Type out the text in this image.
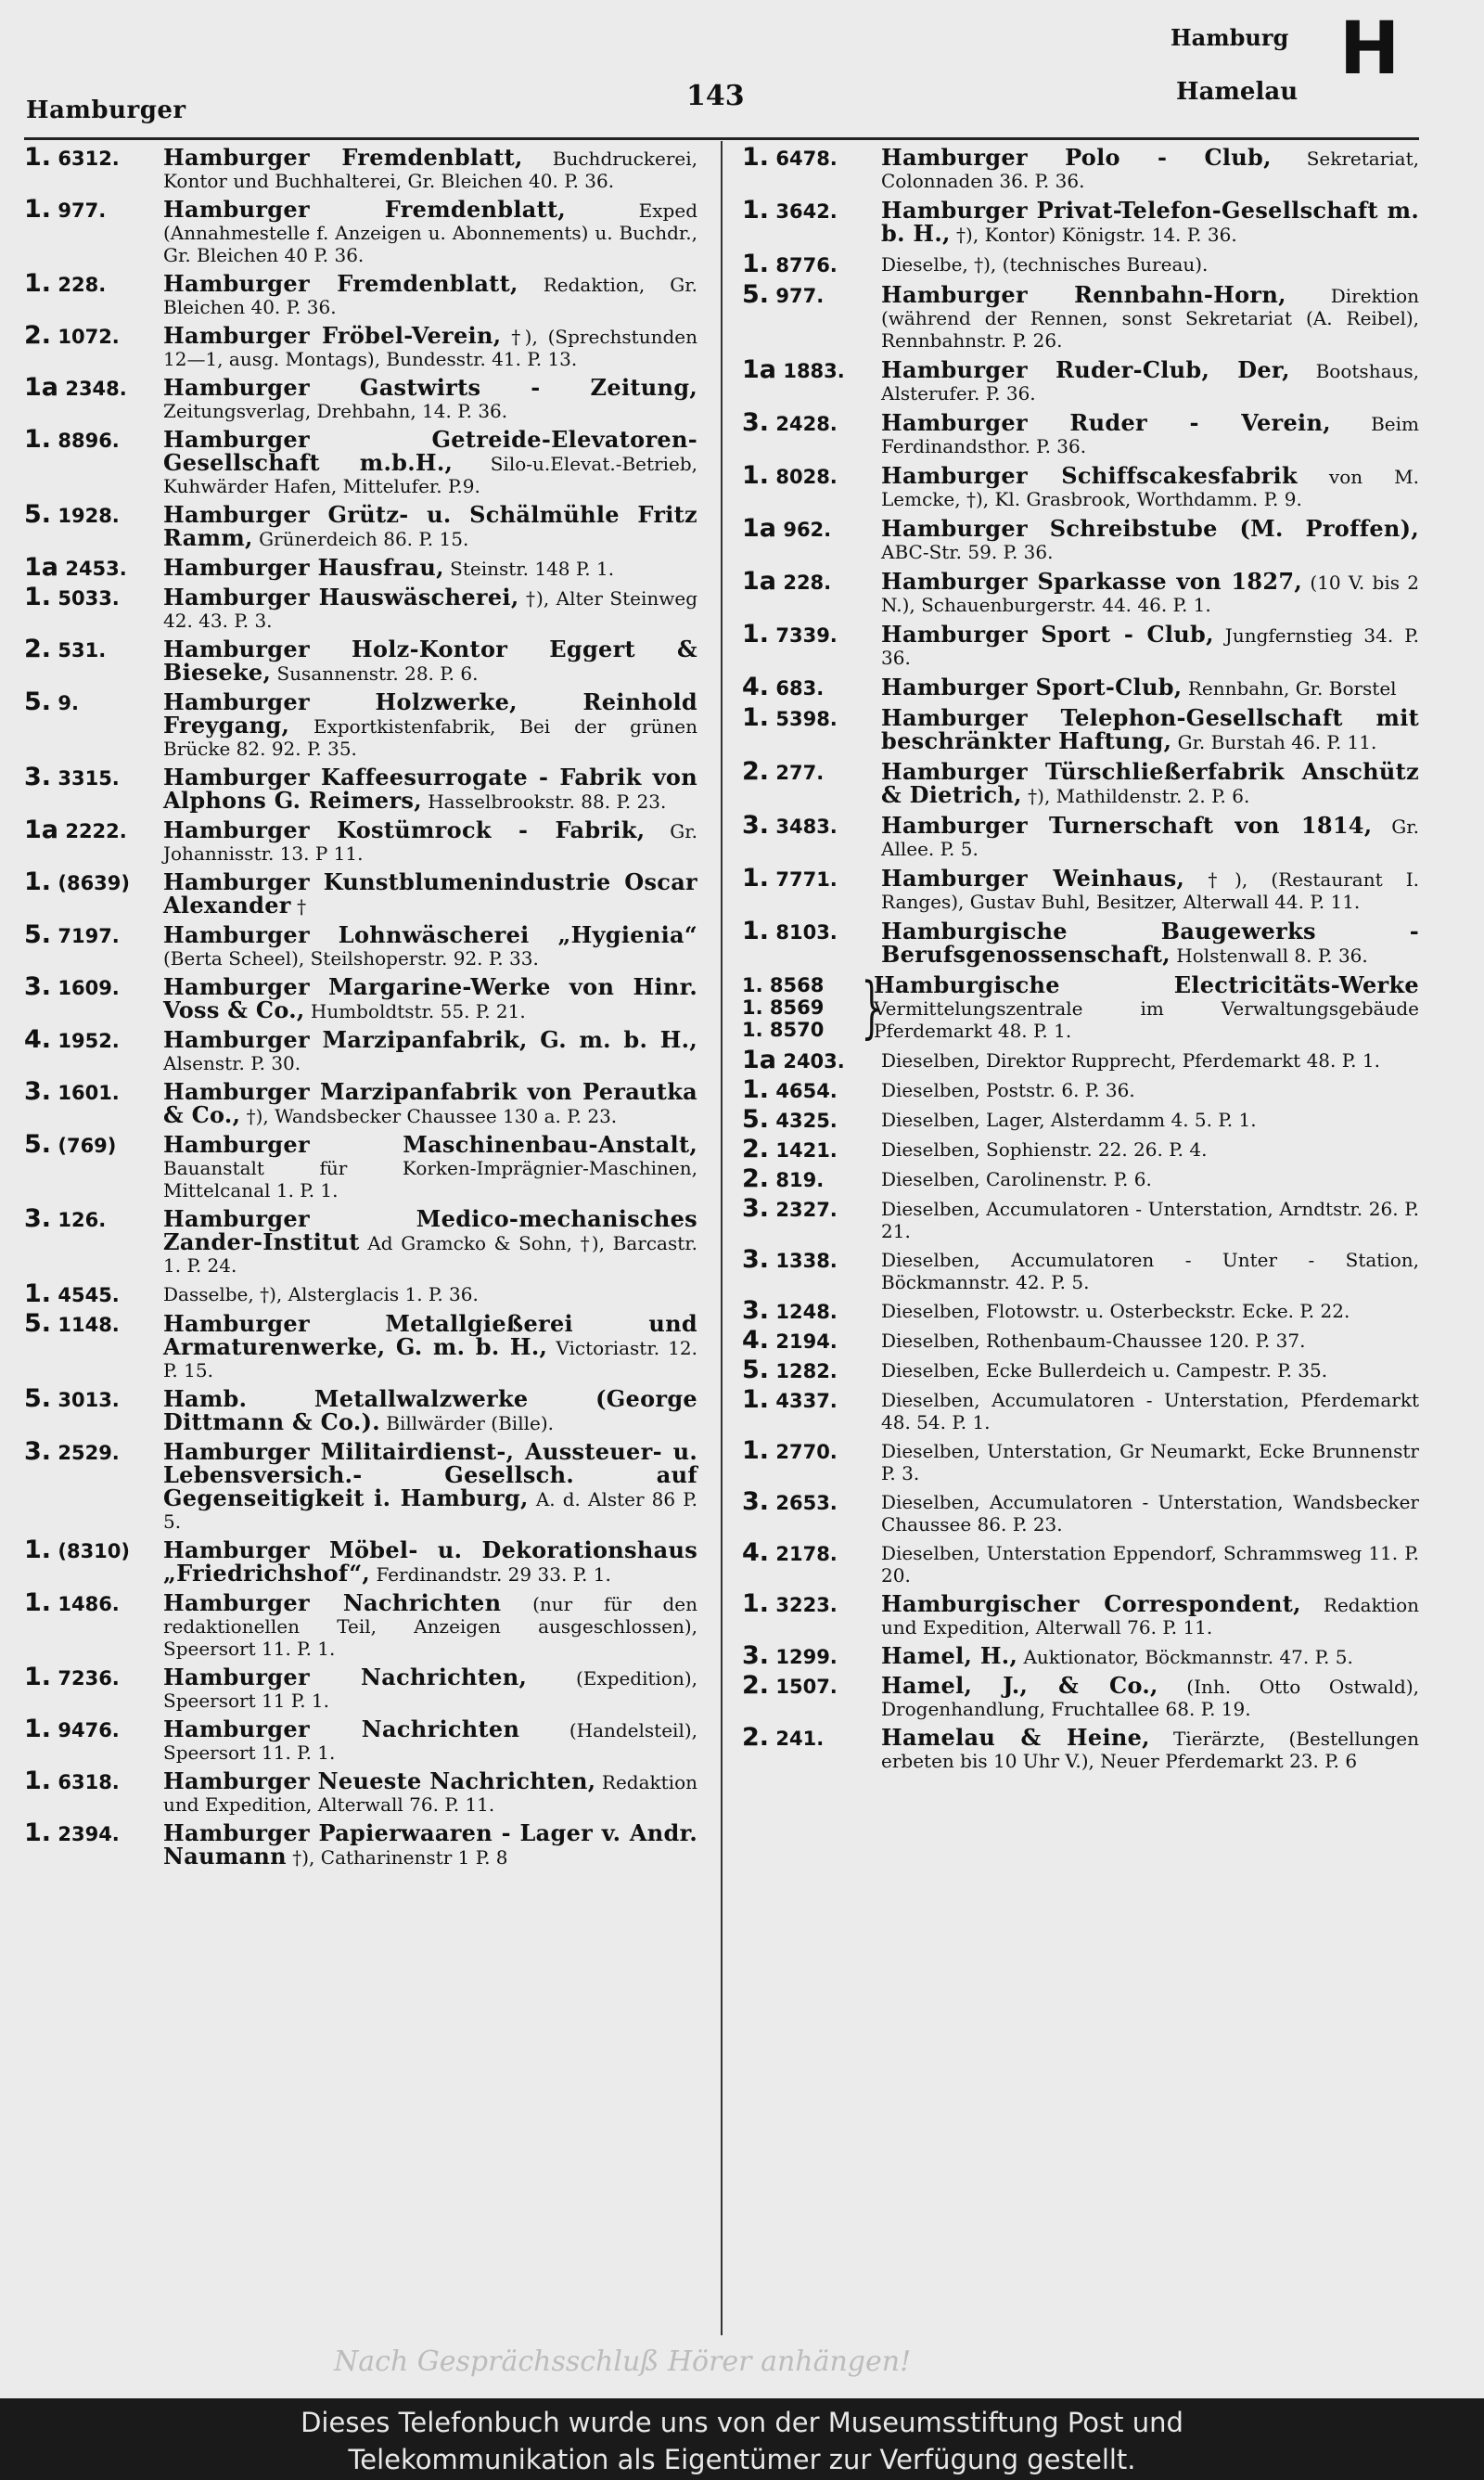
Hamburger	143
Hamburg
Hamelau
H
1. 6312.	Hamburger Fremdenblatt, Buchdruckerei, Kontor und Buchhalterei, Gr. Bleichen 40. P. 36.
1. 977.	Hamburger Fremdenblatt,	Exped (Annahmestelle f. Anzeigen u. Abonnements) u. Buchdr., Gr. Bleichen 40 P. 36.
1. 228.	Hamburger Fremdenblatt, Redaktion, Gr. Bleichen 40. P. 36.
2. 1072.	Hamburger Fröbel-Verein, †), (Sprechstunden 12—1, ausg. Montags), Bundesstr. 41. P. 13.
1a 2348.	Hamburger Gastwirts - Zeitung, Zeitungsverlag, Drehbahn, 14. P. 36.
1. 8896.	Hamburger Getreide-Elevatoren-Gesellschaft m.b.H., Silo-u.Elevat.-Betrieb, Kuhwärder Hafen, Mittelufer. P.9.
5. 1928.	Hamburger Grütz- u. Schälmühle Fritz Ramm, Grünerdeich 86. P. 15.
1a 2453.	Hamburger Hausfrau, Steinstr. 148 P. 1.
1. 5033.	Hamburger Hauswäscherei, †), Alter Steinweg 42. 43. P. 3.
2. 531.	Hamburger Holz-Kontor Eggert & Bieseke, Susannenstr. 28. P. 6.
5. 9.	Hamburger Holzwerke, Reinhold Freygang, Exportkistenfabrik, Bei der grünen Brücke 82. 92. P. 35.
3. 3315.	Hamburger Kaffeesurrogate - Fabrik von Alphons G. Reimers, Hasselbrookstr. 88. P. 23.
1a 2222.	Hamburger Kostümrock - Fabrik, Gr. Johannisstr. 13. P 11.
1. (8639)	Hamburger Kunstblumenindustrie Oscar Alexander †
5. 7197.	Hamburger Lohnwäscherei „Hygienia“ (Berta Scheel), Steilshoperstr. 92. P. 33.
3. 1609.	Hamburger Margarine-Werke von Hinr. Voss & Co., Humboldtstr. 55. P. 21.
4. 1952.	Hamburger Marzipanfabrik, G. m. b. H., Alsenstr. P. 30.
3. 1601.	Hamburger Marzipanfabrik von Perautka & Co., †), Wandsbecker Chaussee 130 a. P. 23.
5. (769)	Hamburger Maschinenbau-Anstalt, Bauanstalt für Korken-Imprägnier-Maschinen, Mittelcanal 1. P. 1.
3. 126.	Hamburger Medico-mechanisches Zander-Institut Ad Gramcko & Sohn, †), Barcastr. 1. P. 24.
1. 4545.	Dasselbe, †), Alsterglacis 1. P. 36.
5. 1148.	Hamburger Metallgießerei und Armaturenwerke, G. m. b. H., Victoriastr. 12. P. 15.
5. 3013.	Hamb. Metallwalzwerke (George Dittmann & Co.). Billwärder (Bille).
3. 2529.	Hamburger Militairdienst-, Aussteuer- u. Lebensversich.- Gesellsch. auf Gegenseitigkeit i. Hamburg, A. d. Alster 86 P. 5.
1. (8310)	Hamburger Möbel- u. Dekorationshaus „Friedrichshof“, Ferdinandstr. 29 33. P. 1.
1. 1486.	Hamburger Nachrichten (nur für den redaktionellen Teil, Anzeigen ausgeschlossen), Speersort 11. P. 1.
1. 7236.	Hamburger Nachrichten,	(Expedition), Speersort 11 P. 1.
1. 9476.	Hamburger Nachrichten	(Handelsteil), Speersort 11. P. 1.
1. 6318.	Hamburger Neueste Nachrichten, Redaktion und Expedition, Alterwall 76. P. 11.
1. 2394.	Hamburger Papierwaaren - Lager v. Andr. Naumann †), Catharinenstr 1 P. 8
1. 6478.	Hamburger Polo - Club, Sekretariat, Colonnaden 36. P. 36.
1. 3642.	Hamburger Privat-Telefon-Gesellschaft m. b. H., †), Kontor) Königstr. 14. P. 36.
1. 8776.	Dieselbe, †), (technisches Bureau).
5. 977.	Hamburger Rennbahn-Horn, Direktion (während der Rennen, sonst Sekretariat (A. Reibel), Rennbahnstr. P. 26.
1a 1883.	Hamburger Ruder-Club, Der, Bootshaus, Alsterufer. P. 36.
3. 2428.	Hamburger Ruder - Verein, Beim Ferdinandsthor. P. 36.
1. 8028.	Hamburger Schiffscakesfabrik von M. Lemcke, †), Kl. Grasbrook, Worthdamm. P. 9.
1a 962.	Hamburger Schreibstube (M. Proffen), ABC-Str. 59. P. 36.
1a 228.	Hamburger Sparkasse von 1827, (10 V. bis 2 N.), Schauenburgerstr. 44. 46. P. 1.
1. 7339.	Hamburger Sport - Club, Jungfernstieg 34. P. 36.
4. 683.	Hamburger Sport-Club, Rennbahn, Gr. Borstel
1. 5398.	Hamburger Telephon-Gesellschaft mit beschränkter Haftung, Gr. Burstah 46. P. 11.
2. 277.	Hamburger Türschließerfabrik Anschütz & Dietrich, †), Mathildenstr. 2. P. 6.
3. 3483.	Hamburger Turnerschaft von 1814, Gr. Allee. P. 5.
1. 7771.	Hamburger Weinhaus, †), (Restaurant I. Ranges), Gustav Buhl, Besitzer, Alterwall 44. P. 11.
1. 8103.	Hamburgische Baugewerks - Berufsgenossenschaft, Holstenwall 8. P. 36.
1. 8568
1. 8569
1. 8570 }
Hamburgische Electricitäts-Werke Vermittelungszentrale im Verwaltungsgebäude Pferdemarkt 48. P. 1.
1a 2403.	Dieselben, Direktor Rupprecht, Pferdemarkt 48. P. 1.
1. 4654.	Dieselben, Poststr. 6. P. 36.
5. 4325.	Dieselben, Lager, Alsterdamm 4. 5. P. 1.
2. 1421.	Dieselben, Sophienstr. 22. 26. P. 4.
2. 819.	Dieselben, Carolinenstr. P. 6.
3. 2327.	Dieselben, Accumulatoren - Unterstation, Arndtstr. 26. P. 21.
3. 1338.	Dieselben, Accumulatoren - Unter - Station, Böckmannstr. 42. P. 5.
3. 1248.	Dieselben, Flotowstr. u. Osterbeckstr. Ecke. P. 22.
4. 2194.	Dieselben, Rothenbaum-Chaussee 120. P. 37.
5. 1282.	Dieselben, Ecke Bullerdeich u. Campestr. P. 35.
1. 4337.	Dieselben, Accumulatoren - Unterstation, Pferdemarkt 48. 54. P. 1.
1. 2770.	Dieselben, Unterstation, Gr Neumarkt, Ecke Brunnenstr P. 3.
3. 2653.	Dieselben, Accumulatoren - Unterstation, Wandsbecker Chaussee 86. P. 23.
4. 2178.	Dieselben, Unterstation Eppendorf, Schrammsweg 11. P. 20.
1. 3223.	Hamburgischer Correspondent, Redaktion und Expedition, Alterwall 76. P. 11.
3. 1299.	Hamel, H., Auktionator, Böckmannstr. 47. P. 5.
2. 1507.	Hamel, J., & Co., (Inh. Otto Ostwald), Drogenhandlung, Fruchtallee 68. P. 19.
2. 241.	Hamelau & Heine, Tierärzte, (Bestellungen erbeten bis 10 Uhr V.), Neuer Pferdemarkt 23. P. 6
Nach Gesprächsschluß Hörer anhängen!
Dieses Telefonbuch wurde uns von der Museumsstiftung Post und
Telekommunikation als Eigentümer zur Verfügung gestellt.
